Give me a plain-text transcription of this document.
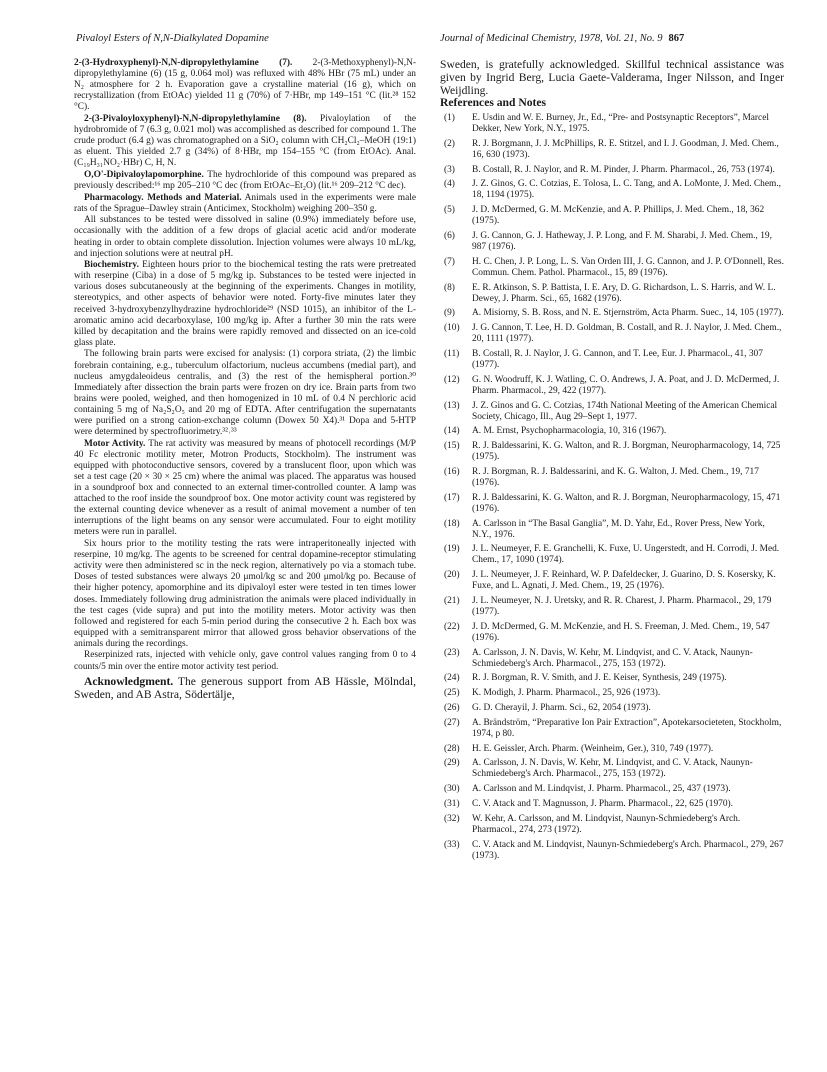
Pivaloyl Esters of N,N-Dialkylated Dopamine	Journal of Medicinal Chemistry, 1978, Vol. 21, No. 9 867

2-(3-Hydroxyphenyl)-N,N-dipropylethylamine (7). 2-(3-Methoxyphenyl)-N,N-dipropylethylamine (6) (15 g, 0.064 mol) was refluxed with 48% HBr (75 mL) under an N₂ atmosphere for 2 h. Evaporation gave a crystalline material (16 g), which on recrystallization (from EtOAc) yielded 11 g (70%) of 7·HBr, mp 149–151 °C (lit.²⁸ 152 °C).

2-(3-Pivaloyloxyphenyl)-N,N-dipropylethylamine (8). Pivaloylation of the hydrobromide of 7 (6.3 g, 0.021 mol) was accomplished as described for compound 1. The crude product (6.4 g) was chromatographed on a SiO₂ column with CH₂Cl₂–MeOH (19:1) as eluent. This yielded 2.7 g (34%) of 8·HBr, mp 154–155 °C (from EtOAc). Anal. (C₁₉H₃₁NO₂·HBr) C, H, N.

O,O'-Dipivaloylapomorphine. The hydrochloride of this compound was prepared as previously described:¹⁶ mp 205–210 °C dec (from EtOAc–Et₂O) (lit.¹⁶ 209–212 °C dec).

Pharmacology. Methods and Material. Animals used in the experiments were male rats of the Sprague–Dawley strain (Anticimex, Stockholm) weighing 200–350 g.

All substances to be tested were dissolved in saline (0.9%) immediately before use, occasionally with the addition of a few drops of glacial acetic acid and/or moderate heating in order to obtain complete dissolution. Injection volumes were always 10 mL/kg, and injection solutions were at neutral pH.

Biochemistry. Eighteen hours prior to the biochemical testing the rats were pretreated with reserpine (Ciba) in a dose of 5 mg/kg ip. Substances to be tested were injected in various doses subcutaneously at the beginning of the experiments. Changes in motility, stereotypics, and other aspects of behavior were noted. Forty-five minutes later they received 3-hydroxybenzylhydrazine hydrochloride²⁹ (NSD 1015), an inhibitor of the L-aromatic amino acid decarboxylase, 100 mg/kg ip. After a further 30 min the rats were killed by decapitation and the brains were rapidly removed and dissected on an ice-cold glass plate.

The following brain parts were excised for analysis: (1) corpora striata, (2) the limbic forebrain containing, e.g., tuberculum olfactorium, nucleus accumbens (medial part), and nucleus amygdaleoideus centralis, and (3) the rest of the hemispheral portion.³⁰ Immediately after dissection the brain parts were frozen on dry ice. Brain parts from two brains were pooled, weighed, and then homogenized in 10 mL of 0.4 N perchloric acid containing 5 mg of Na₂S₂O₅ and 20 mg of EDTA. After centrifugation the supernatants were purified on a strong cation-exchange column (Dowex 50 X4).³¹ Dopa and 5-HTP were determined by spectrofluorimetry.³²˒³³

Motor Activity. The rat activity was measured by means of photocell recordings (M/P 40 Fc electronic motility meter, Motron Products, Stockholm). The instrument was equipped with photoconductive sensors, covered by a translucent floor, upon which was set a test cage (20 × 30 × 25 cm) where the animal was placed. The apparatus was housed in a soundproof box and connected to an external timer-controlled counter. A lamp was attached to the roof inside the soundproof box. One motor activity count was registered by the external counting device whenever as a result of animal movement a number of ten interruptions of the light beams on any sensor were accumulated. Four to eight motility meters were run in parallel.

Six hours prior to the motility testing the rats were intraperitoneally injected with reserpine, 10 mg/kg. The agents to be screened for central dopamine-receptor stimulating activity were then administered sc in the neck region, alternatively po via a stomach tube. Doses of tested substances were always 20 μmol/kg sc and 200 μmol/kg po. Because of their higher potency, apomorphine and its dipivaloyl ester were tested in ten times lower doses. Immediately following drug administration the animals were placed individually in the test cages (vide supra) and put into the motility meters. Motor activity was then followed and registered for each 5-min period during the consecutive 2 h. Each box was equipped with a semitransparent mirror that allowed gross behavior observations of the animals during the recordings.

Reserpinized rats, injected with vehicle only, gave control values ranging from 0 to 4 counts/5 min over the entire motor activity test period.

Acknowledgment. The generous support from AB Hässle, Mölndal, Sweden, and AB Astra, Södertälje,

Sweden, is gratefully acknowledged. Skillful technical assistance was given by Ingrid Berg, Lucia Gaete-Valderama, Inger Nilsson, and Inger Weijdling.

References and Notes
(1) E. Usdin and W. E. Burney, Jr., Ed., “Pre- and Postsynaptic Receptors”, Marcel Dekker, New York, N.Y., 1975.
(2) R. J. Borgmann, J. J. McPhillips, R. E. Stitzel, and I. J. Goodman, J. Med. Chem., 16, 630 (1973).
(3) B. Costall, R. J. Naylor, and R. M. Pinder, J. Pharm. Pharmacol., 26, 753 (1974).
(4) J. Z. Ginos, G. C. Cotzias, E. Tolosa, L. C. Tang, and A. LoMonte, J. Med. Chem., 18, 1194 (1975).
(5) J. D. McDermed, G. M. McKenzie, and A. P. Phillips, J. Med. Chem., 18, 362 (1975).
(6) J. G. Cannon, G. J. Hatheway, J. P. Long, and F. M. Sharabi, J. Med. Chem., 19, 987 (1976).
(7) H. C. Chen, J. P. Long, L. S. Van Orden III, J. G. Cannon, and J. P. O'Donnell, Res. Commun. Chem. Pathol. Pharmacol., 15, 89 (1976).
(8) E. R. Atkinson, S. P. Battista, I. E. Ary, D. G. Richardson, L. S. Harris, and W. L. Dewey, J. Pharm. Sci., 65, 1682 (1976).
(9) A. Misiorny, S. B. Ross, and N. E. Stjernström, Acta Pharm. Suec., 14, 105 (1977).
(10) J. G. Cannon, T. Lee, H. D. Goldman, B. Costall, and R. J. Naylor, J. Med. Chem., 20, 1111 (1977).
(11) B. Costall, R. J. Naylor, J. G. Cannon, and T. Lee, Eur. J. Pharmacol., 41, 307 (1977).
(12) G. N. Woodruff, K. J. Watling, C. O. Andrews, J. A. Poat, and J. D. McDermed, J. Pharm. Pharmacol., 29, 422 (1977).
(13) J. Z. Ginos and G. C. Cotzias, 174th National Meeting of the American Chemical Society, Chicago, Ill., Aug 29–Sept 1, 1977.
(14) A. M. Ernst, Psychopharmacologia, 10, 316 (1967).
(15) R. J. Baldessarini, K. G. Walton, and R. J. Borgman, Neuropharmacology, 14, 725 (1975).
(16) R. J. Borgman, R. J. Baldessarini, and K. G. Walton, J. Med. Chem., 19, 717 (1976).
(17) R. J. Baldessarini, K. G. Walton, and R. J. Borgman, Neuropharmacology, 15, 471 (1976).
(18) A. Carlsson in “The Basal Ganglia”, M. D. Yahr, Ed., Rover Press, New York, N.Y., 1976.
(19) J. L. Neumeyer, F. E. Granchelli, K. Fuxe, U. Ungerstedt, and H. Corrodi, J. Med. Chem., 17, 1090 (1974).
(20) J. L. Neumeyer, J. F. Reinhard, W. P. Dafeldecker, J. Guarino, D. S. Kosersky, K. Fuxe, and L. Agnati, J. Med. Chem., 19, 25 (1976).
(21) J. L. Neumeyer, N. J. Uretsky, and R. R. Charest, J. Pharm. Pharmacol., 29, 179 (1977).
(22) J. D. McDermed, G. M. McKenzie, and H. S. Freeman, J. Med. Chem., 19, 547 (1976).
(23) A. Carlsson, J. N. Davis, W. Kehr, M. Lindqvist, and C. V. Atack, Naunyn-Schmiedeberg's Arch. Pharmacol., 275, 153 (1972).
(24) R. J. Borgman, R. V. Smith, and J. E. Keiser, Synthesis, 249 (1975).
(25) K. Modigh, J. Pharm. Pharmacol., 25, 926 (1973).
(26) G. D. Cherayil, J. Pharm. Sci., 62, 2054 (1973).
(27) A. Brändström, “Preparative Ion Pair Extraction”, Apotekarsocieteten, Stockholm, 1974, p 80.
(28) H. E. Geissler, Arch. Pharm. (Weinheim, Ger.), 310, 749 (1977).
(29) A. Carlsson, J. N. Davis, W. Kehr, M. Lindqvist, and C. V. Atack, Naunyn-Schmiedeberg's Arch. Pharmacol., 275, 153 (1972).
(30) A. Carlsson and M. Lindqvist, J. Pharm. Pharmacol., 25, 437 (1973).
(31) C. V. Atack and T. Magnusson, J. Pharm. Pharmacol., 22, 625 (1970).
(32) W. Kehr, A. Carlsson, and M. Lindqvist, Naunyn-Schmiedeberg's Arch. Pharmacol., 274, 273 (1972).
(33) C. V. Atack and M. Lindqvist, Naunyn-Schmiedeberg's Arch. Pharmacol., 279, 267 (1973).
